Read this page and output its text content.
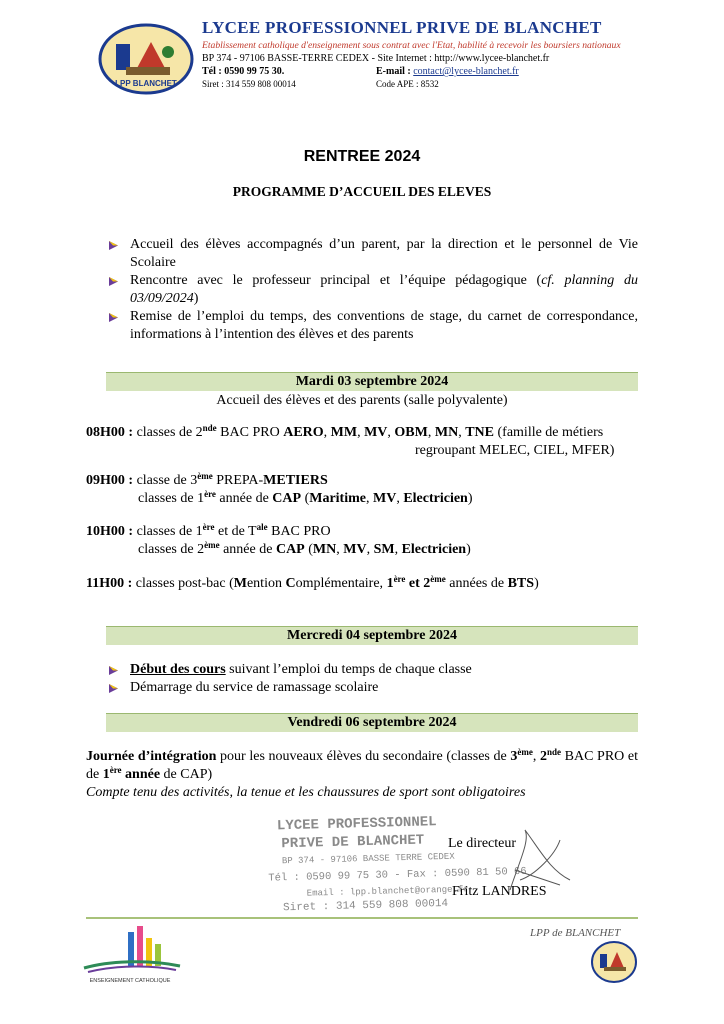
LPP BLANCHET
LYCEE PROFESSIONNEL PRIVE DE BLANCHET
Etablissement catholique d'enseignement sous contrat avec l'Etat, habilité à recevoir les boursiers nationaux
BP 374 - 97106 BASSE-TERRE CEDEX - Site Internet : http://www.lycee-blanchet.fr
Tél : 0590 99 75 30.	E-mail : contact@lycee-blanchet.fr
Siret : 314 559 808 00014	Code APE : 8532
RENTREE 2024
PROGRAMME D’ACCUEIL DES ELEVES
Accueil des élèves accompagnés d’un parent, par la direction et le personnel de Vie Scolaire
Rencontre avec le professeur principal et l’équipe pédagogique (cf. planning du 03/09/2024)
Remise de l’emploi du temps, des conventions de stage, du carnet de correspondance, informations à l’intention des élèves et des parents
Mardi 03 septembre 2024
Accueil des élèves et des parents (salle polyvalente)
08H00 : classes de 2nde BAC PRO AERO, MM, MV, OBM, MN, TNE (famille de métiers
regroupant MELEC, CIEL, MFER)
09H00 : classe de 3ème PREPA-METIERS
classes de 1ère année de CAP (Maritime, MV, Electricien)
10H00 : classes de 1ère et de $T^{ale}$ BAC PRO
classes de 2ème année de CAP (MN, MV, SM, Electricien)
11H00 : classes post-bac (Mention Complémentaire, 1ère et 2ème années de BTS)
Mercredi 04 septembre 2024
Début des cours suivant l’emploi du temps de chaque classe
Démarrage du service de ramassage scolaire
Vendredi 06 septembre 2024
Journée d’intégration pour les nouveaux élèves du secondaire (classes de 3ème, 2nde BAC PRO et de 1ère année de CAP)
Compte tenu des activités, la tenue et les chaussures de sport sont obligatoires
LYCEE PROFESSIONNEL
PRIVE DE BLANCHET
BP 374 - 97106 BASSE TERRE CEDEX
Tél : 0590 99 75 30 - Fax : 0590 81 50 66
Email : lpp.blanchet@orange.fr
Siret : 314 559 808 00014
Le directeur
Fritz LANDRES
LPP de BLANCHET
ENSEIGNEMENT CATHOLIQUE
